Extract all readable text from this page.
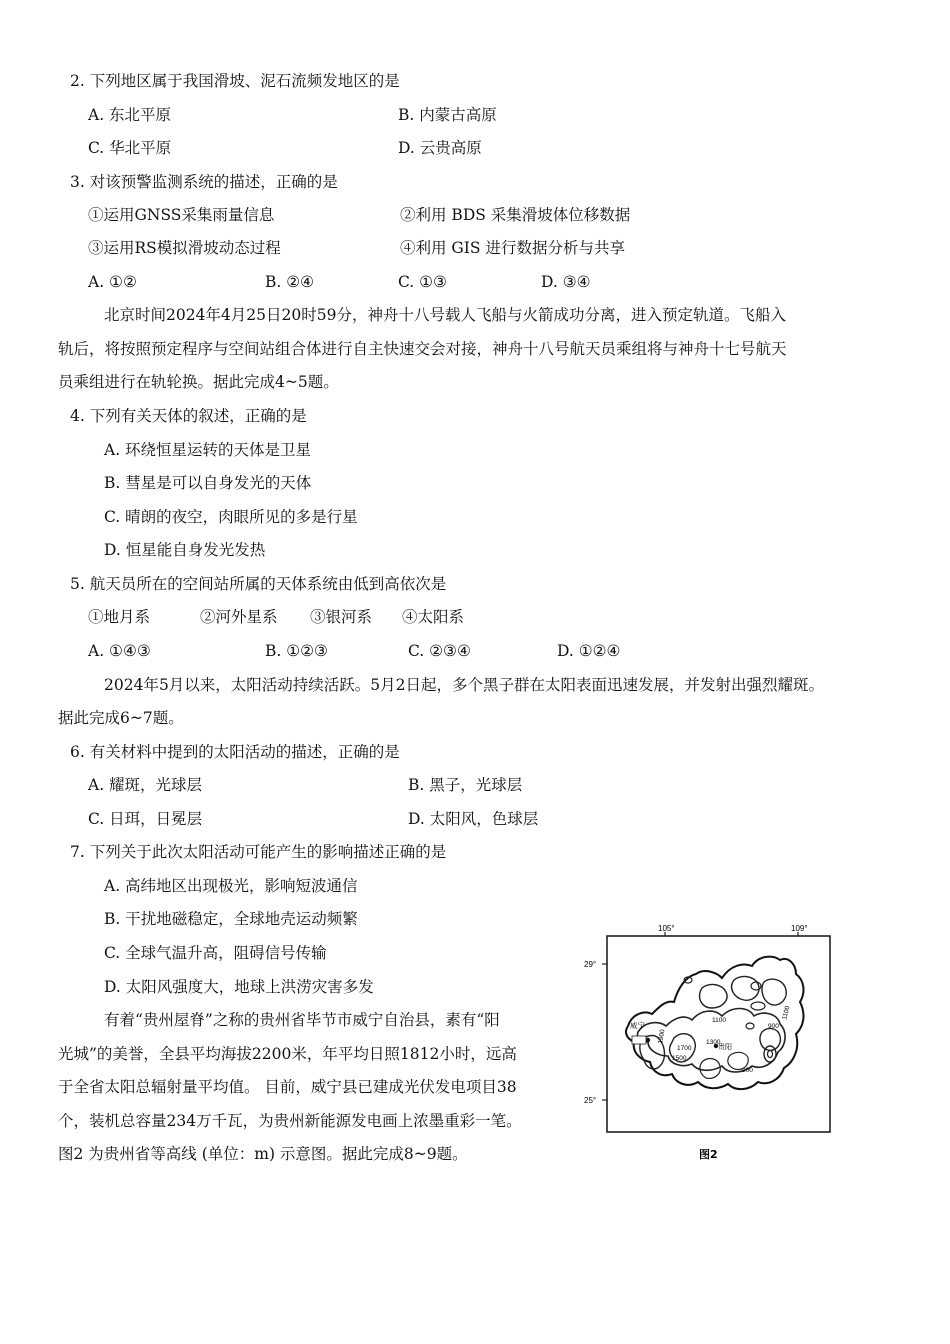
2. 下列地区属于我国滑坡、泥石流频发地区的是
A. 东北平原	B. 内蒙古高原
C. 华北平原	D. 云贵高原
3. 对该预警监测系统的描述，正确的是
①运用GNSS采集雨量信息	②利用 BDS 采集滑坡体位移数据
③运用RS模拟滑坡动态过程	④利用 GIS 进行数据分析与共享
A. ①②	B. ②④	C. ①③	D. ③④
北京时间2024年4月25日20时59分，神舟十八号载人飞船与火箭成功分离，进入预定轨道。飞船入
轨后，将按照预定程序与空间站组合体进行自主快速交会对接，神舟十八号航天员乘组将与神舟十七号航天
员乘组进行在轨轮换。据此完成4~5题。
4. 下列有关天体的叙述，正确的是
A. 环绕恒星运转的天体是卫星
B. 彗星是可以自身发光的天体
C. 晴朗的夜空，肉眼所见的多是行星
D. 恒星能自身发光发热
5. 航天员所在的空间站所属的天体系统由低到高依次是
①地月系	②河外星系 ③银河系 ④太阳系
A. ①④③	B. ①②③	C. ②③④	D. ①②④
2024年5月以来，太阳活动持续活跃。5月2日起，多个黑子群在太阳表面迅速发展，并发射出强烈耀斑。
据此完成6~7题。
6. 有关材料中提到的太阳活动的描述，正确的是
A. 耀斑，光球层	B. 黑子，光球层
C. 日珥，日冕层	D. 太阳风，色球层
7. 下列关于此次太阳活动可能产生的影响描述正确的是
A. 高纬地区出现极光，影响短波通信
B. 干扰地磁稳定，全球地壳运动频繁
C. 全球气温升高，阻碍信号传输
D. 太阳风强度大，地球上洪涝灾害多发
有着“贵州屋脊”之称的贵州省毕节市威宁自治县，素有“阳
光城”的美誉，全县平均海拔2200米，年平均日照1812小时，远高
于全省太阳总辐射量平均值。 目前，威宁县已建成光伏发电项目38
个，装机总容量234万千瓦，为贵州新能源发电画上浓墨重彩一笔。
图2 为贵州省等高线 (单位：m) 示意图。据此完成8~9题。
105°	109°
29°
25°
威宁
贵阳
1100
1300
1500
1700
1900
900
900
1100
图2
